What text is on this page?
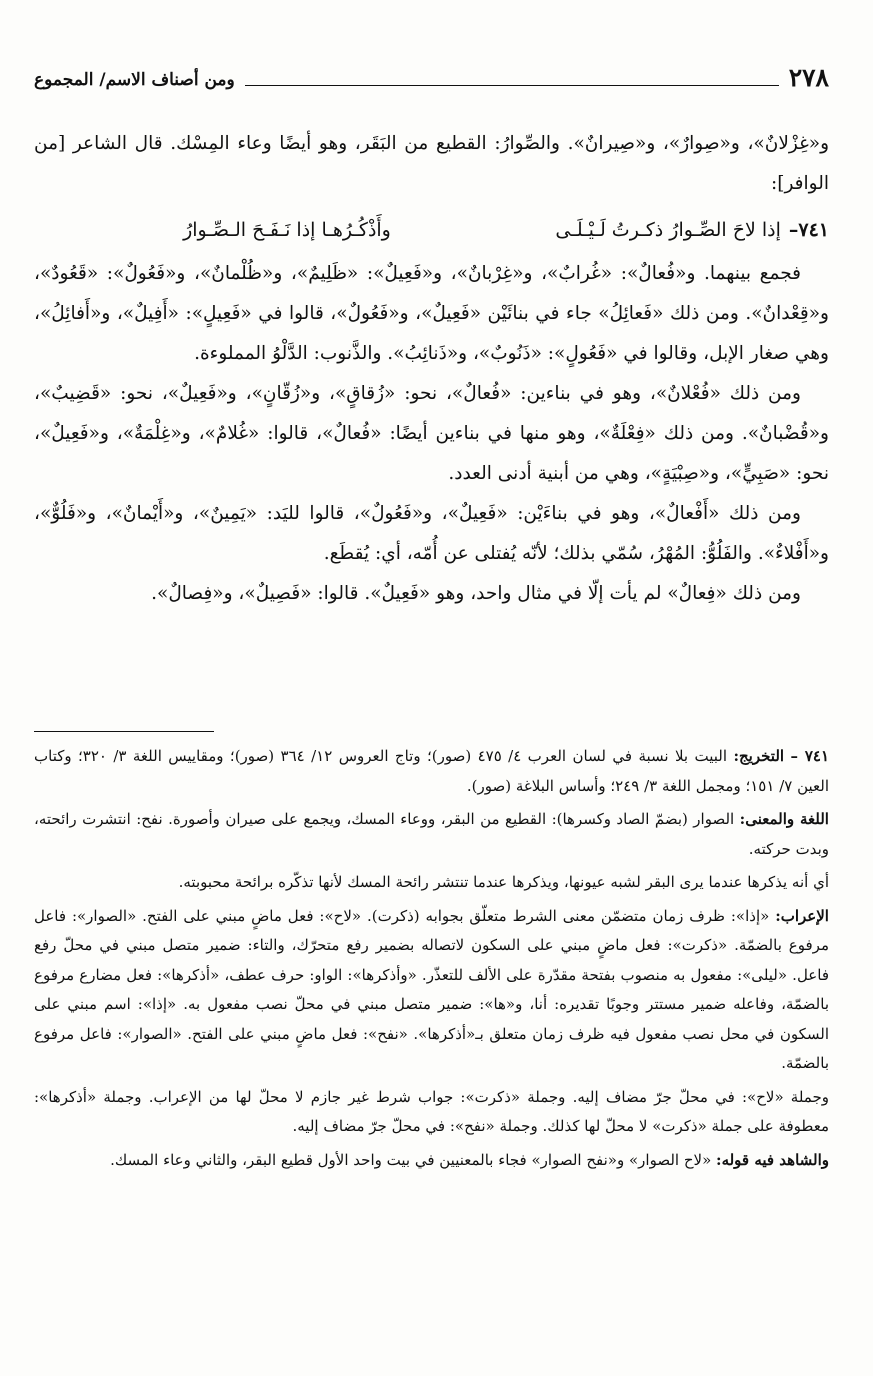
٢٧٨
ومن أصناف الاسم/ المجموع

و«غِزْلانٌ»، و«صِوارٌ»، و«صِيرانٌ». والصِّوارُ: القطيع من البَقَر، وهو أيضًا وعاء المِسْك. قال الشاعر [من الوافر]:

٧٤١–
إذا لاحَ الصِّـوارُ ذكـرتُ لَـيْـلَـى
وأَذْكُـرُهـا إذا نَـفَـحَ الـصِّـوارُ

فجمع بينهما. و«فُعالٌ»: «غُرابٌ»، و«غِرْبانٌ»، و«فَعِيلٌ»: «ظَلِيمٌ»، و«ظُلْمانٌ»، و«فَعُولٌ»: «قَعُودٌ»، و«قِعْدانٌ». ومن ذلك «فَعائِلُ» جاء في بنائَيْن «فَعِيلٌ»، و«فَعُولٌ»، قالوا في «فَعِيلٍ»: «أَفِيلٌ»، و«أَفائِلُ»، وهي صغار الإبل، وقالوا في «فَعُولٍ»: «ذَنُوبٌ»، و«ذَنائِبُ». والذَّنوب: الدَّلْوُ المملوءة.

ومن ذلك «فُعْلانٌ»، وهو في بناءين: «فُعالٌ»، نحو: «زُقاقٍ»، و«زُقّانٍ»، و«فَعِيلٌ»، نحو: «قَضِيبٌ»، و«قُضْبانٌ». ومن ذلك «فِعْلَةٌ»، وهو منها في بناءين أيضًا: «فُعالٌ»، قالوا: «غُلامٌ»، و«غِلْمَةٌ»، و«فَعِيلٌ»، نحو: «صَبِيٍّ»، و«صِبْيَةٍ»، وهي من أبنية أدنى العدد.

ومن ذلك «أَفْعالٌ»، وهو في بناءَيْن: «فَعِيلٌ»، و«فَعُولٌ»، قالوا لليَد: «يَمِينٌ»، و«أَيْمانٌ»، و«فَلُوٌّ»، و«أَفْلاءٌ». والفَلُوُّ: المُهْرُ، سُمّي بذلك؛ لأنّه يُفتلى عن أُمّه، أي: يُقطَع.

ومن ذلك «فِعالٌ» لم يأت إلّا في مثال واحد، وهو «فَعِيلٌ». قالوا: «فَصِيلٌ»، و«فِصالٌ».

٧٤١ – التخريج: البيت بلا نسبة في لسان العرب ٤/ ٤٧٥ (صور)؛ وتاج العروس ١٢/ ٣٦٤ (صور)؛ ومقاييس اللغة ٣/ ٣٢٠؛ وكتاب العين ٧/ ١٥١؛ ومجمل اللغة ٣/ ٢٤٩؛ وأساس البلاغة (صور).

اللغة والمعنى: الصوار (بضمّ الصاد وكسرها): القطيع من البقر، ووعاء المسك، ويجمع على صيران وأصورة. نفح: انتشرت رائحته، وبدت حركته.

أي أنه يذكرها عندما يرى البقر لشبه عيونها، ويذكرها عندما تنتشر رائحة المسك لأنها تذكّره برائحة محبوبته.

الإعراب: «إذا»: ظرف زمان متضمّن معنى الشرط متعلّق بجوابه (ذكرت). «لاح»: فعل ماضٍ مبني على الفتح. «الصوار»: فاعل مرفوع بالضمّة. «ذكرت»: فعل ماضٍ مبني على السكون لاتصاله بضمير رفع متحرّك، والتاء: ضمير متصل مبني في محلّ رفع فاعل. «ليلى»: مفعول به منصوب بفتحة مقدّرة على الألف للتعذّر. «وأذكرها»: الواو: حرف عطف، «أذكرها»: فعل مضارع مرفوع بالضمّة، وفاعله ضمير مستتر وجوبًا تقديره: أنا، و«ها»: ضمير متصل مبني في محلّ نصب مفعول به. «إذا»: اسم مبني على السكون في محل نصب مفعول فيه ظرف زمان متعلق بـ«أذكرها». «نفح»: فعل ماضٍ مبني على الفتح. «الصوار»: فاعل مرفوع بالضمّة.

وجملة «لاح»: في محلّ جرّ مضاف إليه. وجملة «ذكرت»: جواب شرط غير جازم لا محلّ لها من الإعراب. وجملة «أذكرها»: معطوفة على جملة «ذكرت» لا محلّ لها كذلك. وجملة «نفح»: في محلّ جرّ مضاف إليه.

والشاهد فيه قوله: «لاح الصوار» و«نفح الصوار» فجاء بالمعنيين في بيت واحد الأول قطيع البقر، والثاني وعاء المسك.
